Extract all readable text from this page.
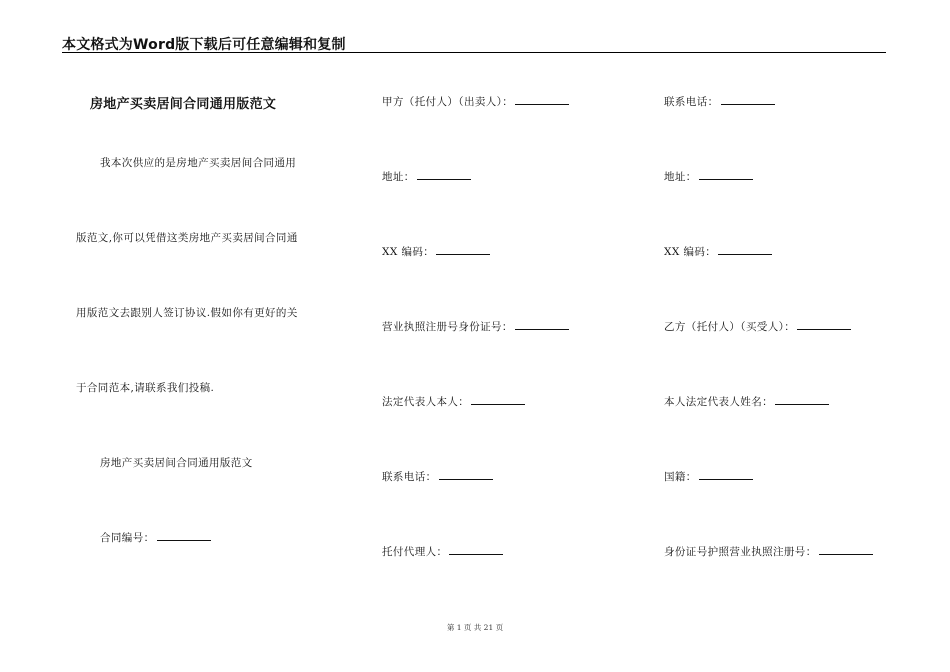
本文格式为Word版下载后可任意编辑和复制
房地产买卖居间合同通用版范文
我本次供应的是房地产买卖居间合同通用
版范文,你可以凭借这类房地产买卖居间合同通
用版范文去跟别人签订协议.假如你有更好的关
于合同范本,请联系我们投稿.
房地产买卖居间合同通用版范文
合同编号：
甲方（托付人）（出卖人）：
地址：
XX 编码：
营业执照注册号身份证号：
法定代表人本人：
联系电话：
托付代理人：
联系电话：
地址：
XX 编码：
乙方（托付人）（买受人）：
本人法定代表人姓名：
国籍：
身份证号护照营业执照注册号：
第 1 页 共 21 页
